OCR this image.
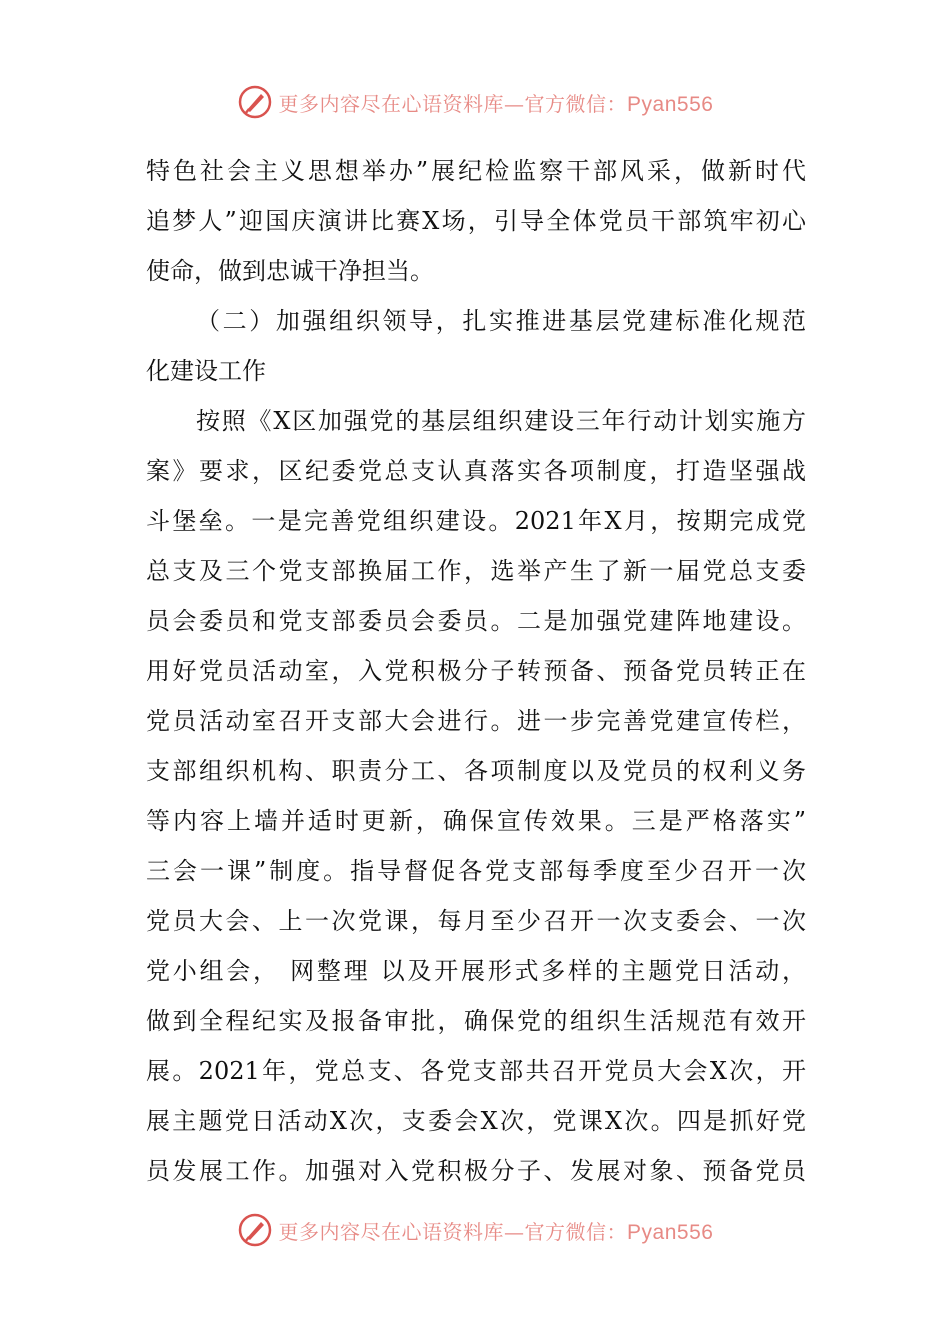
更多内容尽在心语资料库—官方微信：Pyan556
特色社会主义思想举办”展纪检监察干部风采，做新时代
追梦人”迎国庆演讲比赛X场，引导全体党员干部筑牢初心
使命，做到忠诚干净担当。
（二）加强组织领导，扎实推进基层党建标准化规范
化建设工作
按照《X区加强党的基层组织建设三年行动计划实施方
案》要求，区纪委党总支认真落实各项制度，打造坚强战
斗堡垒。一是完善党组织建设。2021年X月，按期完成党
总支及三个党支部换届工作，选举产生了新一届党总支委
员会委员和党支部委员会委员。二是加强党建阵地建设。
用好党员活动室，入党积极分子转预备、预备党员转正在
党员活动室召开支部大会进行。进一步完善党建宣传栏，
支部组织机构、职责分工、各项制度以及党员的权利义务
等内容上墙并适时更新，确保宣传效果。三是严格落实”
三会一课”制度。指导督促各党支部每季度至少召开一次
党员大会、上一次党课，每月至少召开一次支委会、一次
党小组会， 网整理 以及开展形式多样的主题党日活动，
做到全程纪实及报备审批，确保党的组织生活规范有效开
展。2021年，党总支、各党支部共召开党员大会X次，开
展主题党日活动X次，支委会X次，党课X次。四是抓好党
员发展工作。加强对入党积极分子、发展对象、预备党员
更多内容尽在心语资料库—官方微信：Pyan556
